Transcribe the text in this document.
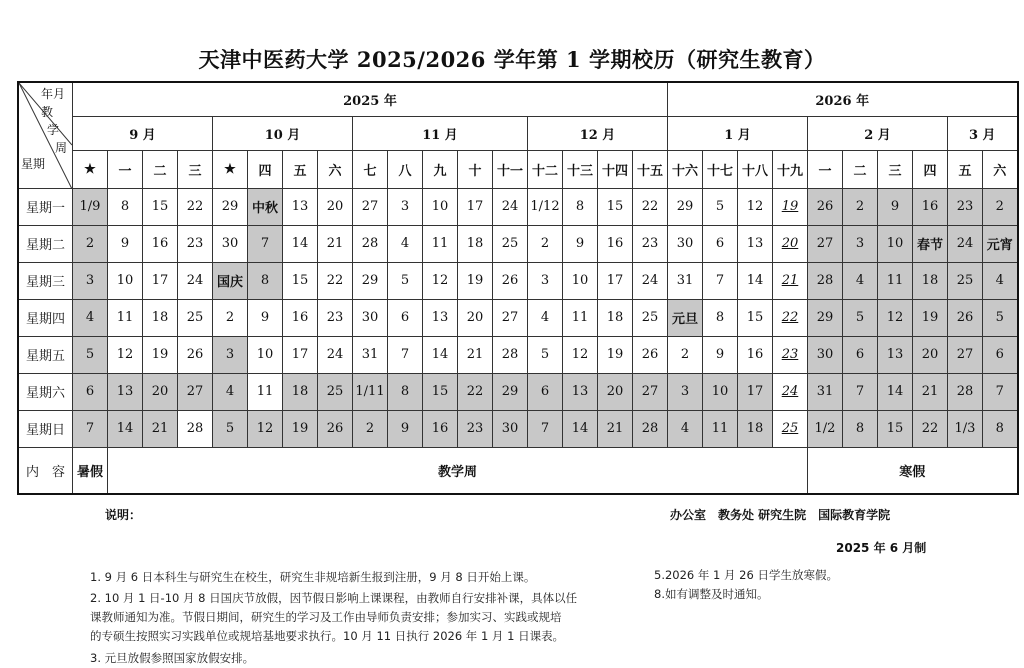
天津中医药大学 2025/2026 学年第 1 学期校历（研究生教育）
年月
教
学
周
星期	2025 年																	2026 年									
	9 月				10 月				11 月					12 月				1 月				2 月				3 月	
	★	一	二	三	★	四	五	六	七	八	九	十	十一	十二	十三	十四	十五	十六	十七	十八	十九	一	二	三	四	五	六
星期一	1/9	8	15	22	29	中秋	13	20	27	3	10	17	24	1/12	8	15	22	29	5	12	19	26	2	9	16	23	2
星期二	2	9	16	23	30	7	14	21	28	4	11	18	25	2	9	16	23	30	6	13	20	27	3	10	春节	24	元宵
星期三	3	10	17	24	国庆	8	15	22	29	5	12	19	26	3	10	17	24	31	7	14	21	28	4	11	18	25	4
星期四	4	11	18	25	2	9	16	23	30	6	13	20	27	4	11	18	25	元旦	8	15	22	29	5	12	19	26	5
星期五	5	12	19	26	3	10	17	24	31	7	14	21	28	5	12	19	26	2	9	16	23	30	6	13	20	27	6
星期六	6	13	20	27	4	11	18	25	1/11	8	15	22	29	6	13	20	27	3	10	17	24	31	7	14	21	28	7
星期日	7	14	21	28	5	12	19	26	2	9	16	23	30	7	14	21	28	4	11	18	25	1/2	8	15	22	1/3	8
内　容	暑假	教学周																				寒假					
说明：	办公室　教务处 研究生院　国际教育学院
2025 年 6 月制
1. 9 月 6 日本科生与研究生在校生，研究生非规培新生报到注册，9 月 8 日开始上课。
2. 10 月 1 日-10 月 8 日国庆节放假，因节假日影响上课课程，由教师自行安排补课，具体以任
课教师通知为准。节假日期间，研究生的学习及工作由导师负责安排；参加实习、实践或规培
的专硕生按照实习实践单位或规培基地要求执行。10 月 11 日执行 2026 年 1 月 1 日课表。
3. 元旦放假参照国家放假安排。
5.2026 年 1 月 26 日学生放寒假。
8.如有调整及时通知。
